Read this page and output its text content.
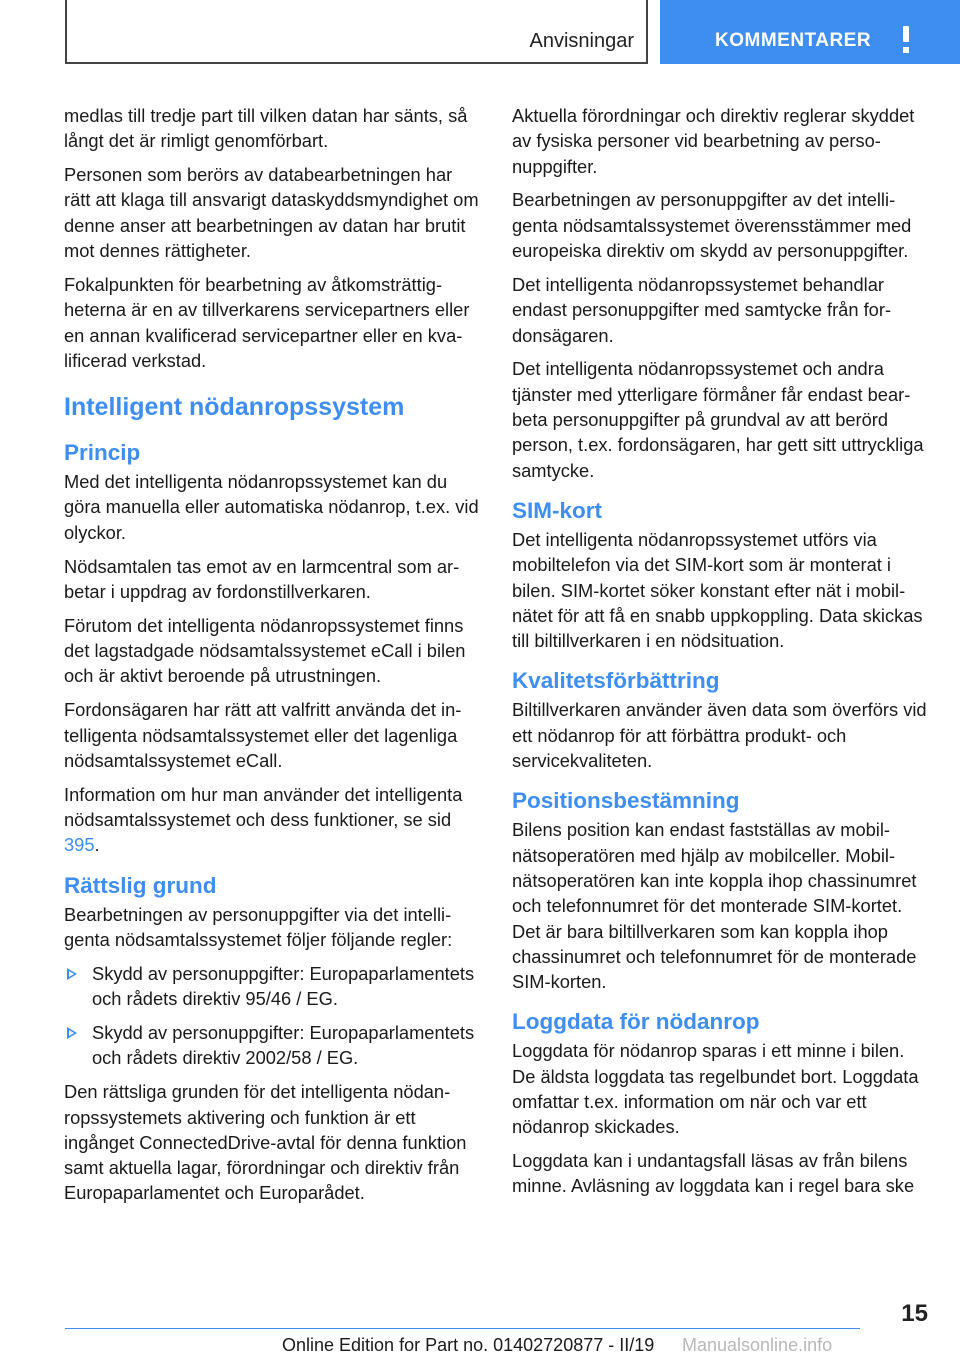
Anvisningar	KOMMENTARER

medlas till tredje part till vilken datan har sänts, så långt det är rimligt genomförbart.

Personen som berörs av databearbetningen har rätt att klaga till ansvarigt dataskyddsmyndighet om denne anser att bearbetningen av datan har brutit mot dennes rättigheter.

Fokalpunkten för bearbetning av åtkomsträttigheterna är en av tillverkarens servicepartners eller en annan kvalificerad servicepartner eller en kvalificerad verkstad.

Intelligent nödanropssystem
Princip

Med det intelligenta nödanropssystemet kan du göra manuella eller automatiska nödanrop, t.ex. vid olyckor.

Nödsamtalen tas emot av en larmcentral som arbetar i uppdrag av fordonstillverkaren.

Förutom det intelligenta nödanropssystemet finns det lagstadgade nödsamtalssystemet eCall i bilen och är aktivt beroende på utrustningen.

Fordonsägaren har rätt att valfritt använda det intelligenta nödsamtalssystemet eller det lagenliga nödsamtalssystemet eCall.

Information om hur man använder det intelligenta nödsamtalssystemet och dess funktioner, se sid 395.

Rättslig grund

Bearbetningen av personuppgifter via det intelligenta nödsamtalssystemet följer följande regler:

Skydd av personuppgifter: Europaparlamentets och rådets direktiv 95/46 / EG.
Skydd av personuppgifter: Europaparlamentets och rådets direktiv 2002/58 / EG.

Den rättsliga grunden för det intelligenta nödanropssystemets aktivering och funktion är ett ingånget ConnectedDrive-avtal för denna funktion samt aktuella lagar, förordningar och direktiv från Europaparlamentet och Europarådet.

Aktuella förordningar och direktiv reglerar skyddet av fysiska personer vid bearbetning av personuppgifter.

Bearbetningen av personuppgifter av det intelligenta nödsamtalssystemet överensstämmer med europeiska direktiv om skydd av personuppgifter.

Det intelligenta nödanropssystemet behandlar endast personuppgifter med samtycke från fordonsägaren.

Det intelligenta nödanropssystemet och andra tjänster med ytterligare förmåner får endast bearbeta personuppgifter på grundval av att berörd person, t.ex. fordonsägaren, har gett sitt uttryckliga samtycke.

SIM-kort

Det intelligenta nödanropssystemet utförs via mobiltelefon via det SIM-kort som är monterat i bilen. SIM-kortet söker konstant efter nät i mobilnätet för att få en snabb uppkoppling. Data skickas till biltillverkaren i en nödsituation.

Kvalitetsförbättring

Biltillverkaren använder även data som överförs vid ett nödanrop för att förbättra produkt- och servicekvaliteten.

Positionsbestämning

Bilens position kan endast fastställas av mobilnätsoperatören med hjälp av mobilceller. Mobilnätsoperatören kan inte koppla ihop chassinumret och telefonnumret för det monterade SIM-kortet. Det är bara biltillverkaren som kan koppla ihop chassinumret och telefonnumret för de monterade SIM-korten.

Loggdata för nödanrop

Loggdata för nödanrop sparas i ett minne i bilen. De äldsta loggdata tas regelbundet bort. Loggdata omfattar t.ex. information om när och var ett nödanrop skickades.

Loggdata kan i undantagsfall läsas av från bilens minne. Avläsning av loggdata kan i regel bara ske

15
Online Edition for Part no. 01402720877 - II/19 Manualsonline.info
